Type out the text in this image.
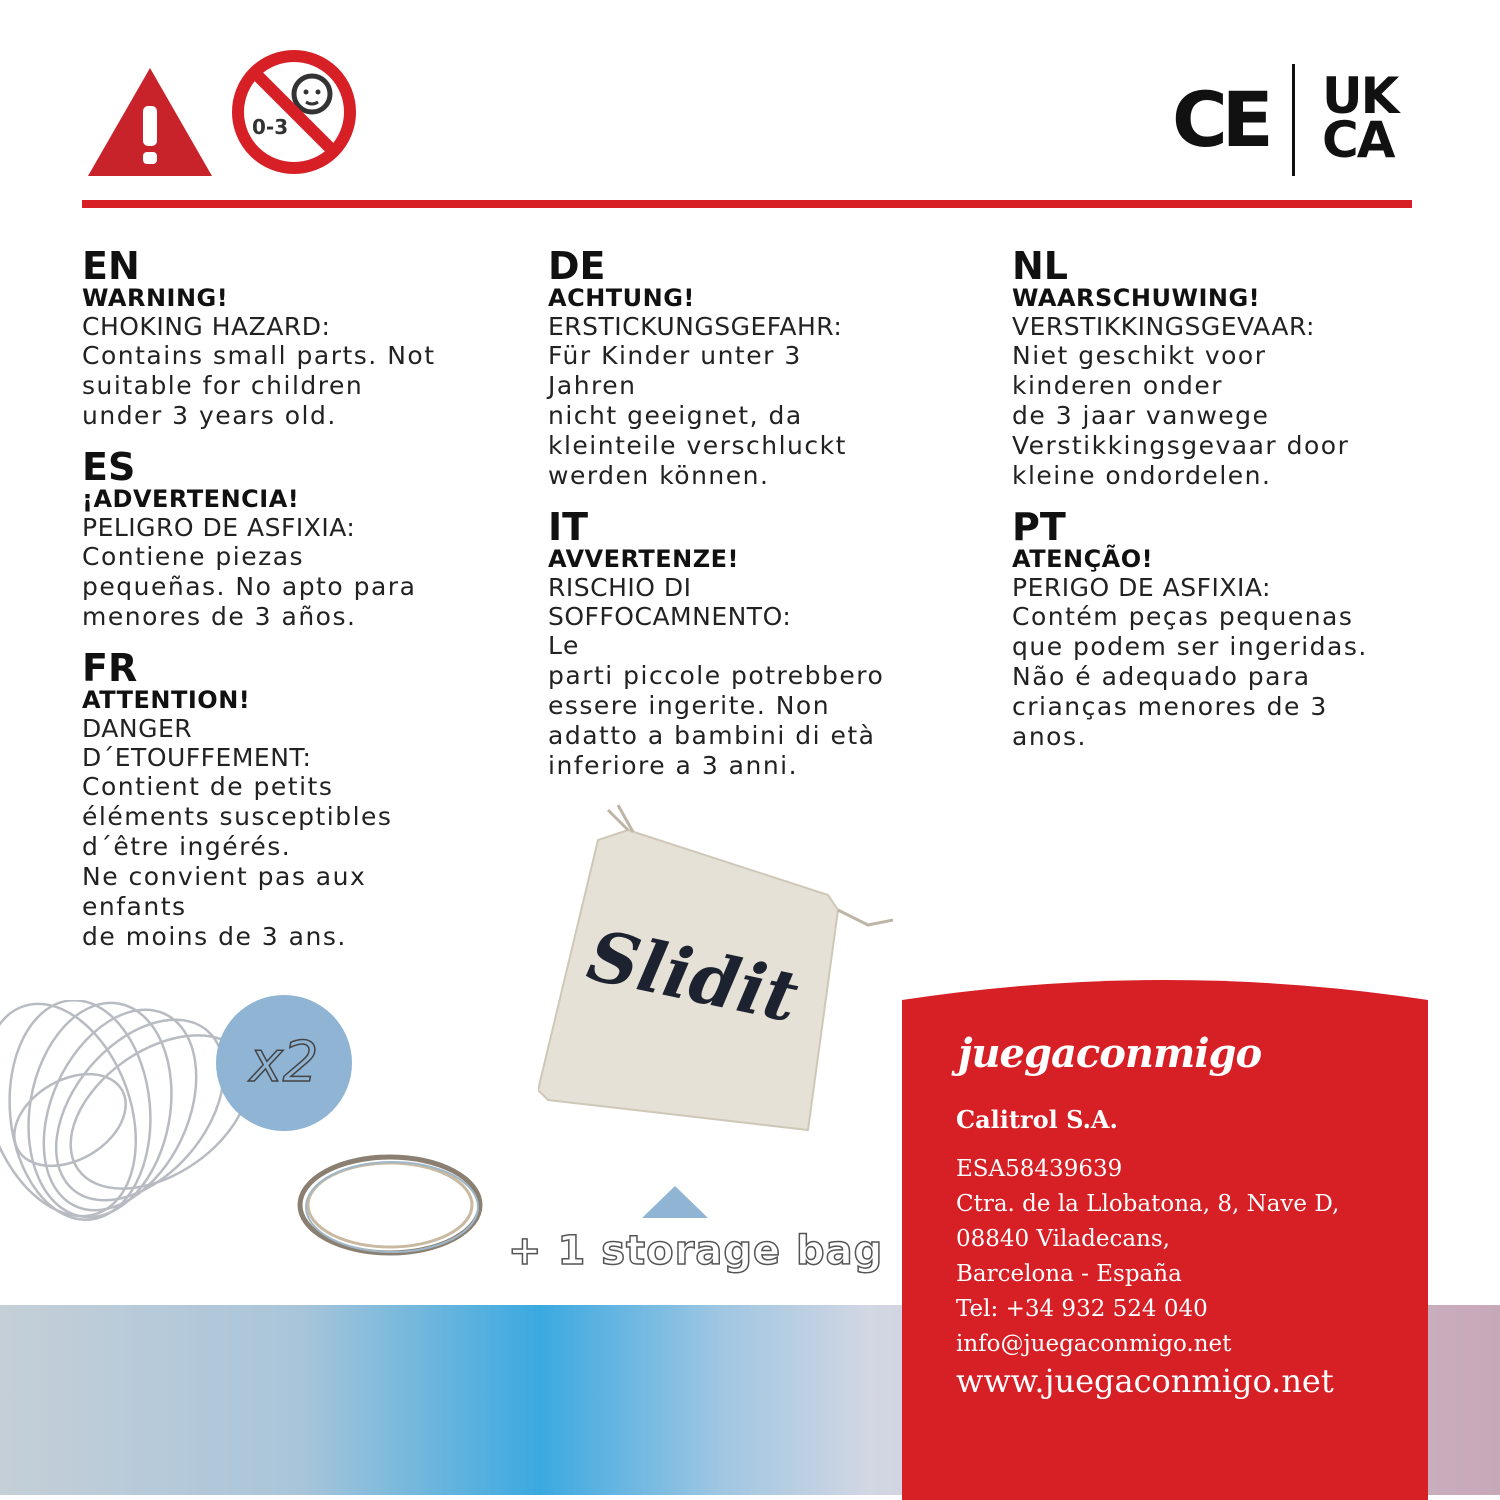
0-3	CE UK
CA
EN
WARNING!
CHOKING HAZARD:
Contains small parts. Not
suitable for children
under 3 years old.
ES
¡ADVERTENCIA!
PELIGRO DE ASFIXIA:
Contiene piezas
pequeñas. No apto para
menores de 3 años.
FR
ATTENTION!
DANGER
D´ETOUFFEMENT:
Contient de petits
éléments susceptibles
d´être ingérés.
Ne convient pas aux
enfants
de moins de 3 ans.
DE
ACHTUNG!
ERSTICKUNGSGEFAHR:
Für Kinder unter 3
Jahren
nicht geeignet, da
kleinteile verschluckt
werden können.
IT
AVVERTENZE!
RISCHIO DI
SOFFOCAMNENTO:
Le
parti piccole potrebbero
essere ingerite. Non
adatto a bambini di età
inferiore a 3 anni.
NL
WAARSCHUWING!
VERSTIKKINGSGEVAAR:
Niet geschikt voor
kinderen onder
de 3 jaar vanwege
Verstikkingsgevaar door
kleine ondordelen.
PT
ATENÇÃO!
PERIGO DE ASFIXIA:
Contém peças pequenas
que podem ser ingeridas.
Não é adequado para
crianças menores de 3
anos.
x2
Slidit
+ 1 storage bag
juegaconmigo
Calitrol S.A.
ESA58439639
Ctra. de la Llobatona, 8, Nave D,
08840 Viladecans,
Barcelona - España
Tel: +34 932 524 040
info@juegaconmigo.net
www.juegaconmigo.net
